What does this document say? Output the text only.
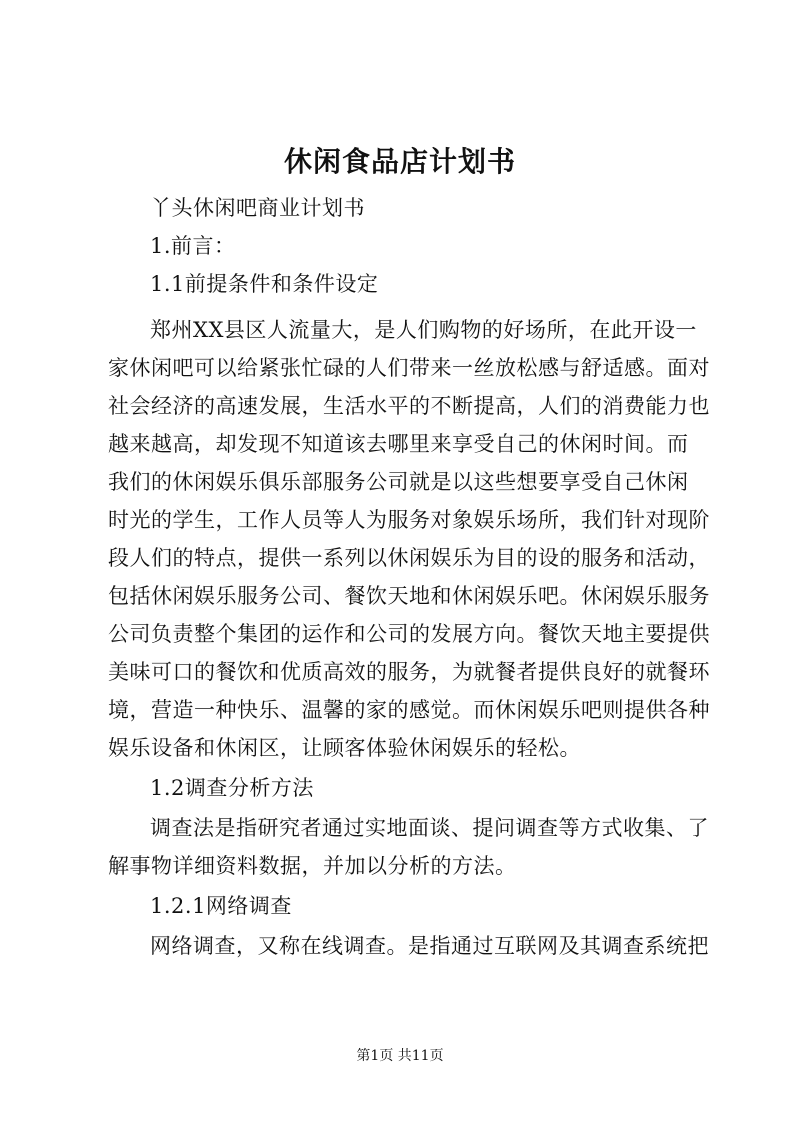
休闲食品店计划书
丫头休闲吧商业计划书
1.前言：
1.1前提条件和条件设定
郑州XX县区人流量大，是人们购物的好场所，在此开设一
家休闲吧可以给紧张忙碌的人们带来一丝放松感与舒适感。面对
社会经济的高速发展，生活水平的不断提高，人们的消费能力也
越来越高，却发现不知道该去哪里来享受自己的休闲时间。而
我们的休闲娱乐俱乐部服务公司就是以这些想要享受自己休闲
时光的学生，工作人员等人为服务对象娱乐场所，我们针对现阶
段人们的特点，提供一系列以休闲娱乐为目的设的服务和活动，
包括休闲娱乐服务公司、餐饮天地和休闲娱乐吧。休闲娱乐服务
公司负责整个集团的运作和公司的发展方向。餐饮天地主要提供
美味可口的餐饮和优质高效的服务，为就餐者提供良好的就餐环
境，营造一种快乐、温馨的家的感觉。而休闲娱乐吧则提供各种
娱乐设备和休闲区，让顾客体验休闲娱乐的轻松。
1.2调查分析方法
调查法是指研究者通过实地面谈、提问调查等方式收集、了
解事物详细资料数据，并加以分析的方法。
1.2.1网络调查
网络调查，又称在线调查。是指通过互联网及其调查系统把
第1页 共11页
